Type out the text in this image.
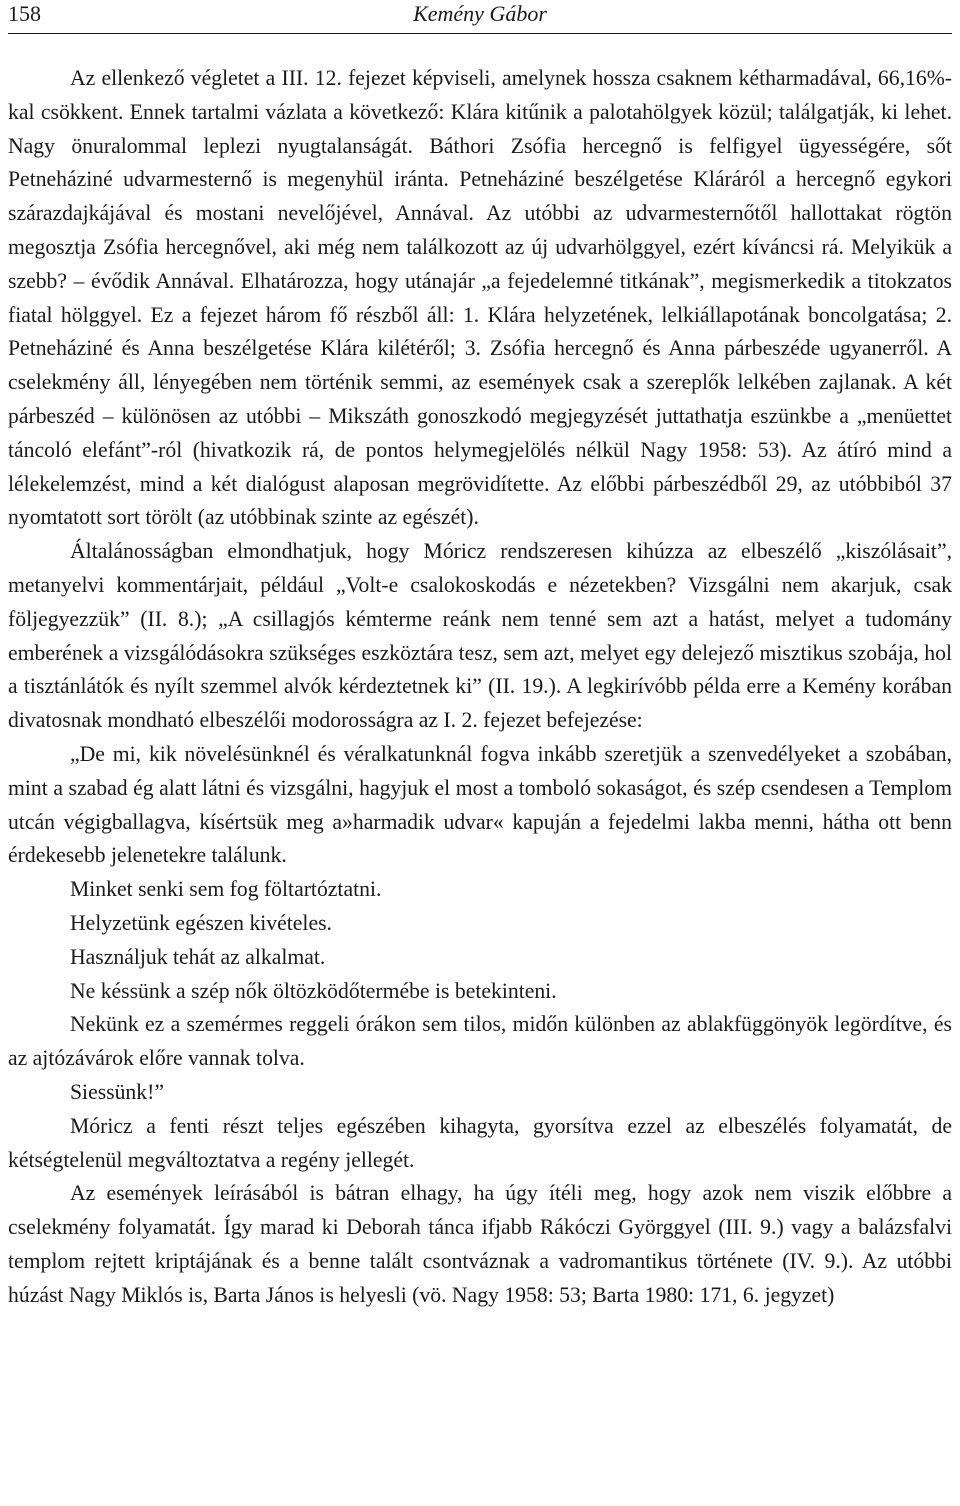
158	Kemény Gábor

Az ellenkező végletet a III. 12. fejezet képviseli, amelynek hossza csaknem kétharmadával, 66,16%-kal csökkent. Ennek tartalmi vázlata a következő: Klára kitűnik a palotahölgyek közül; találgatják, ki lehet. Nagy önuralommal leplezi nyugtalanságát. Báthori Zsófia hercegnő is felfigyel ügyességére, sőt Petneháziné udvarmesternő is megenyhül iránta. Petneháziné beszélgetése Kláráról a hercegnő egykori szárazdajkájával és mostani nevelőjével, Annával. Az utóbbi az udvarmesternőtől hallottakat rögtön megosztja Zsófia hercegnővel, aki még nem találkozott az új udvarhölggyel, ezért kíváncsi rá. Melyikük a szebb? – évődik Annával. Elhatározza, hogy utánajár „a fejedelemné titkának”, megismerkedik a titokzatos fiatal hölggyel. Ez a fejezet három fő részből áll: 1. Klára helyzetének, lelkiállapotának boncolgatása; 2. Petneháziné és Anna beszélgetése Klára kilétéről; 3. Zsófia hercegnő és Anna párbeszéde ugyanerről. A cselekmény áll, lényegében nem történik semmi, az események csak a szereplők lelkében zajlanak. A két párbeszéd – különösen az utóbbi – Mikszáth gonoszkodó megjegyzését juttathatja eszünkbe a „menüettet táncoló elefánt”-ról (hivatkozik rá, de pontos helymegjelölés nélkül Nagy 1958: 53). Az átíró mind a lélekelemzést, mind a két dialógust alaposan megrövidítette. Az előbbi párbeszédből 29, az utóbbiból 37 nyomtatott sort törölt (az utóbbinak szinte az egészét).

Általánosságban elmondhatjuk, hogy Móricz rendszeresen kihúzza az elbeszélő „kiszólásait”, metanyelvi kommentárjait, például „Volt-e csalokoskodás e nézetekben? Vizsgálni nem akarjuk, csak följegyezzük” (II. 8.); „A csillagjós kémterme reánk nem tenné sem azt a hatást, melyet a tudomány emberének a vizsgálódásokra szükséges eszköztára tesz, sem azt, melyet egy delejező misztikus szobája, hol a tisztánlátók és nyílt szemmel alvók kérdeztetnek ki” (II. 19.). A legkirívóbb példa erre a Kemény korában divatosnak mondható elbeszélői modorosságra az I. 2. fejezet befejezése:

„De mi, kik növelésünknél és véralkatunknál fogva inkább szeretjük a szenvedélyeket a szobában, mint a szabad ég alatt látni és vizsgálni, hagyjuk el most a tomboló sokaságot, és szép csendesen a Templom utcán végigballagva, kísértsük meg a»harmadik udvar« kapuján a fejedelmi lakba menni, hátha ott benn érdekesebb jelenetekre találunk.

Minket senki sem fog föltartóztatni.

Helyzetünk egészen kivételes.

Használjuk tehát az alkalmat.

Ne késsünk a szép nők öltözködőtermébe is betekinteni.

Nekünk ez a szemérmes reggeli órákon sem tilos, midőn különben az ablakfüggönyök legördítve, és az ajtózávárok előre vannak tolva.

Siessünk!”

Móricz a fenti részt teljes egészében kihagyta, gyorsítva ezzel az elbeszélés folyamatát, de kétségtelenül megváltoztatva a regény jellegét.

Az események leírásából is bátran elhagy, ha úgy ítéli meg, hogy azok nem viszik előbbre a cselekmény folyamatát. Így marad ki Deborah tánca ifjabb Rákóczi Györggyel (III. 9.) vagy a balázsfalvi templom rejtett kriptájának és a benne talált csontváznak a vadromantikus története (IV. 9.). Az utóbbi húzást Nagy Miklós is, Barta János is helyesli (vö. Nagy 1958: 53; Barta 1980: 171, 6. jegyzet)
